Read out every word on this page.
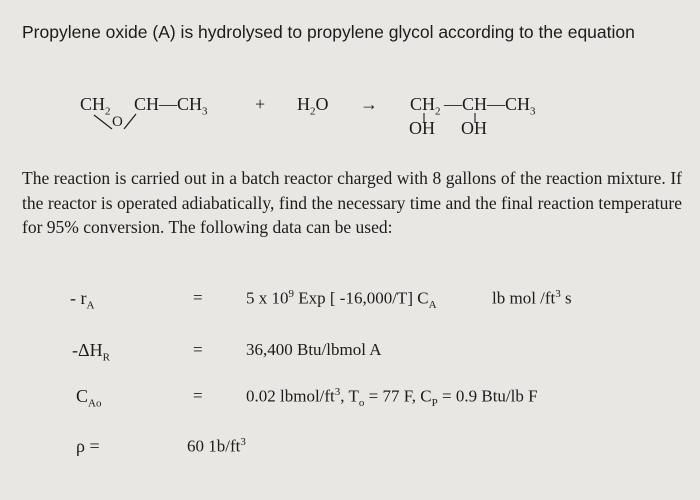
Propylene oxide (A) is hydrolysed to propylene glycol according to the equation
$CH_2$ $CH—CH_3$
O
+ $H_2O \to CH_2$ $—CH—CH_3$
OH OH
The reaction is carried out in a batch reactor charged with 8 gallons of the reaction mixture. If the reactor is operated adiabatically, find the necessary time and the final reaction temperature for 95% conversion. The following data can be used:
- $r_A$	=	5 x $10^9$ Exp [ -16,000/T] $C_A$	lb mol $/ft^3$ s
$-\Delta H_R$	=	36,400 Btu/lbmol A
$C_{Ao}$	=	0.02 lbmol/$ft^3$, $T_o = 77$ F, $C_P = 0.9$ Btu/lb F
ρ =	60 $1b/ft^3$
